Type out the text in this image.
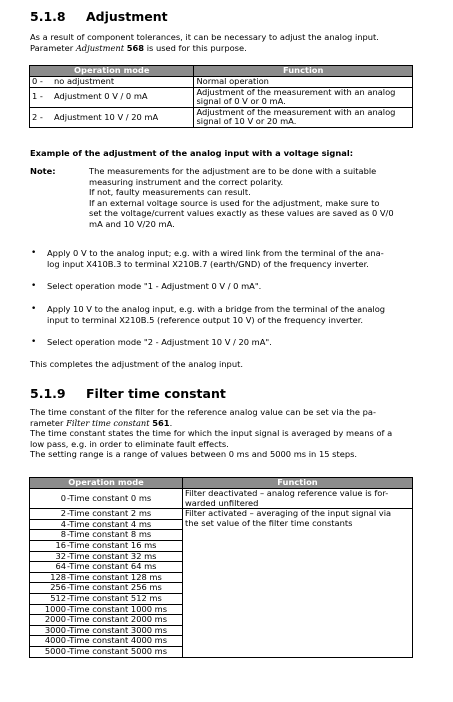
5.1.8 Adjustment
As a result of component tolerances, it can be necessary to adjust the analog input.
Parameter Adjustment 568 is used for this purpose.
Operation mode		Function
0 -	no adjustment	Normal operation

1 -	Adjustment 0 V / 0 mA	Adjustment of the measurement with an analog
signal of 0 V or 0 mA.

2 -	Adjustment 10 V / 20 mA	Adjustment of the measurement with an analog
signal of 10 V or 20 mA.
Example of the adjustment of the analog input with a voltage signal:
Note:	The measurements for the adjustment are to be done with a suitable
measuring instrument and the correct polarity.
If not, faulty measurements can result.
If an external voltage source is used for the adjustment, make sure to
set the voltage/current values exactly as these values are saved as 0 V/0
mA and 10 V/20 mA.
• Apply 0 V to the analog input; e.g. with a wired link from the terminal of the ana-
log input X410B.3 to terminal X210B.7 (earth/GND) of the frequency inverter.
• Select operation mode "1 - Adjustment 0 V / 0 mA".
• Apply 10 V to the analog input, e.g. with a bridge from the terminal of the analog
input to terminal X210B.5 (reference output 10 V) of the frequency inverter.
• Select operation mode "2 - Adjustment 10 V / 20 mA".
This completes the adjustment of the analog input.
5.1.9 Filter time constant
The time constant of the filter for the reference analog value can be set via the pa-
rameter Filter time constant 561.
The time constant states the time for which the input signal is averaged by means of a
low pass, e.g. in order to eliminate fault effects.
The setting range is a range of values between 0 ms and 5000 ms in 15 steps.
Operation mode	Function
0-Time constant 0 ms	Filter deactivated – analog reference value is for-
warded unfiltered

2-Time constant 2 ms	Filter activated – averaging of the input signal via
the set value of the filter time constants

4-Time constant 4 ms	
8-Time constant 8 ms	
16-Time constant 16 ms	
32-Time constant 32 ms	
64-Time constant 64 ms	
128-Time constant 128 ms	
256-Time constant 256 ms	
512-Time constant 512 ms	
1000-Time constant 1000 ms	
2000-Time constant 2000 ms	
3000-Time constant 3000 ms	
4000-Time constant 4000 ms	
5000-Time constant 5000 ms	
